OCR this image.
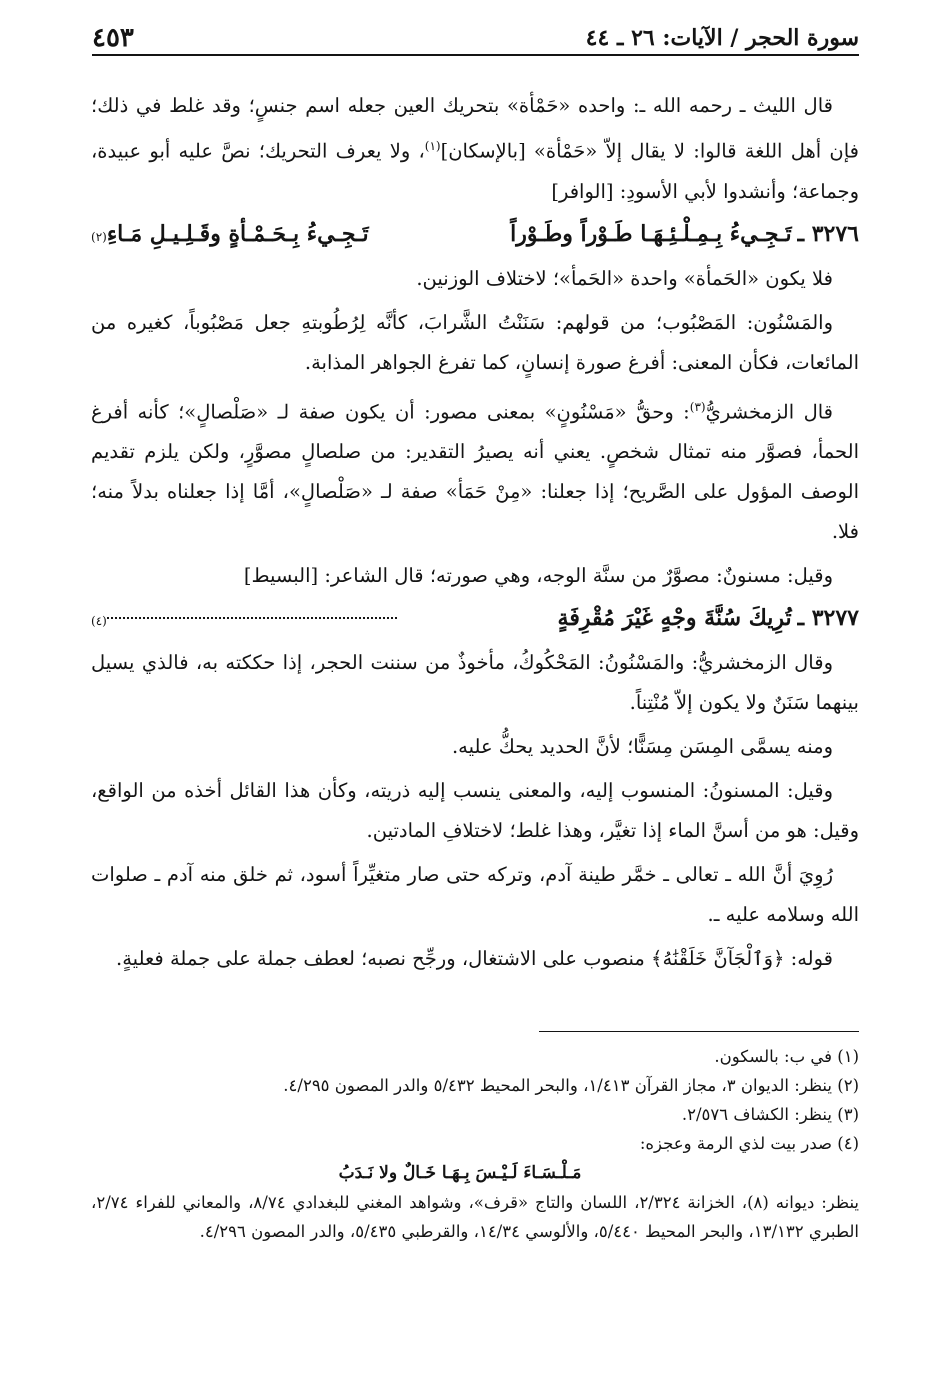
سورة الحجر / الآيات: ٢٦ ـ ٤٤
٤٥٣

قال الليث ـ رحمه الله ـ: واحده «حَمْأة» بتحريك العين جعله اسم جنسٍ؛ وقد غلط في ذلك؛ فإن أهل اللغة قالوا: لا يقال إلاّ «حَمْأة» [بالإسكان]$^{(١)}$، ولا يعرف التحريك؛ نصَّ عليه أبو عبيدة، وجماعة؛ وأنشدوا لأبي الأسودِ: [الوافر]

٣٢٧٦ ـ
تَـجِـيءُ بِـمِـلْـئِـهَـا طَـوْراً وطَـوْراً
تَـجِـيءُ بِـحَـمْـأةٍ وقَـلِـيـلِ مَـاءِ
(٢)

فلا يكون «الحَمأة» واحدة «الحَمأ»؛ لاختلاف الوزنين.

والمَسْنُون: المَصْبُوب؛ من قولهم: سَنَنْتُ الشَّرابَ، كأنَّه لِرُطُوبتهِ جعل مَصْبُوباً، كغيره من المائعات، فكأن المعنى: أفرغ صورة إنسانٍ، كما تفرغ الجواهر المذابة.

قال الزمخشريُّ$^{(٣)}$: وحقُّ «مَسْنُونٍ» بمعنى مصور: أن يكون صفة لـ «صَلْصالٍ»؛ كأنه أفرغ الحمأ، فصوَّر منه تمثال شخصٍ. يعني أنه يصيرُ التقدير: من صلصالٍ مصوَّرٍ، ولكن يلزم تقديم الوصف المؤول على الصَّريح؛ إذا جعلنا: «مِنْ حَمَأ» صفة لـ «صَلْصالٍ»، أمَّا إذا جعلناه بدلاً منه؛ فلا.

وقيل: مسنونٌ: مصوَّرٌ من سنَّة الوجه، وهي صورته؛ قال الشاعر: [البسيط]

٣٢٧٧ ـ
تُرِيكَ سُنَّةَ وجْهٍ غَيْرَ مُقْرِفَةٍ
(٤)

وقال الزمخشريُّ: والمَسْنُونُ: المَحْكُوكُ، مأخوذٌ من سننت الحجر، إذا حككته به، فالذي يسيل بينهما سَنَنٌ ولا يكون إلاّ مُنْتِناً.

ومنه يسمَّى المِسَن مِسَنًّا؛ لأنَّ الحديد يحكُّ عليه.

وقيل: المسنونُ: المنسوب إليه، والمعنى ينسب إليه ذريته، وكأن هذا القائل أخذه من الواقع، وقيل: هو من أسنَّ الماء إذا تغيَّر، وهذا غلط؛ لاختلافِ المادتين.

رُوِيَ أنَّ الله ـ تعالى ـ خمَّر طينة آدم، وتركه حتى صار متغيِّراً أسود، ثم خلق منه آدم ـ صلوات الله وسلامه عليه ـ.

قوله: ﴿وَٱلْجَآنَّ خَلَقْنَٰهُ﴾ منصوب على الاشتغال، ورجِّح نصبه؛ لعطف جملة على جملة فعليةٍ.

(١) في ب: بالسكون.

(٢) ينظر: الديوان ٣، مجاز القرآن ١/٤١٣، والبحر المحيط ٥/٤٣٢ والدر المصون ٤/٢٩٥.

(٣) ينظر: الكشاف ٢/٥٧٦.

(٤) صدر بيت لذي الرمة وعجزه:

مَـلْـسَـاءَ لَـيْـسَ بِـهَـا خَـالٌ ولا نَـدَبُ

ينظر: ديوانه (٨)، الخزانة ٢/٣٢٤، اللسان والتاج «قرف»، وشواهد المغني للبغدادي ٨/٧٤، والمعاني للفراء ٢/٧٤، الطبري ١٣/١٣٢، والبحر المحيط ٥/٤٤٠، والألوسي ١٤/٣٤، والقرطبي ٥/٤٣٥، والدر المصون ٤/٢٩٦.
